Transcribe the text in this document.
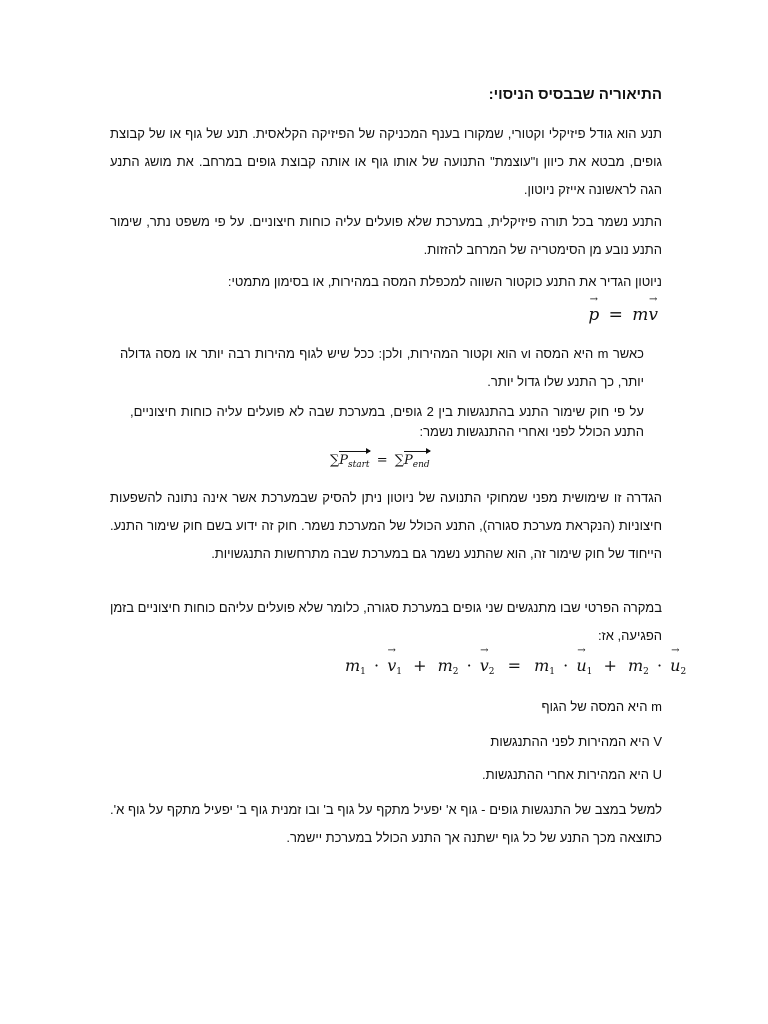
התיאוריה שבבסיס הניסוי:
תנע הוא גודל פיזיקלי וקטורי, שמקורו בענף המכניקה של הפיזיקה הקלאסית. תנע של גוף או של קבוצת גופים, מבטא את כיוון ו"עוצמת" התנועה של אותו גוף או אותה קבוצת גופים במרחב. את מושג התנע הגה לראשונה אייזק ניוטון.
התנע נשמר בכל תורה פיזיקלית, במערכת שלא פועלים עליה כוחות חיצוניים. על פי משפט נתר, שימור התנע נובע מן הסימטריה של המרחב להזזות.
ניוטון הגדיר את התנע כוקטור השווה למכפלת המסה במהירות, או בסימון מתמטי:
→ p = m→ v
כאשר m היא המסה וv הוא וקטור המהירות, ולכן: ככל שיש לגוף מהירות רבה יותר או מסה גדולה יותר, כך התנע שלו גדול יותר.
על פי חוק שימור התנע בהתנגשות בין 2 גופים, במערכת שבה לא פועלים עליה כוחות חיצוניים, התנע הכולל לפני ואחרי ההתנגשות נשמר:
$\sum P_{start} = \sum P_{end}$
הגדרה זו שימושית מפני שמחוקי התנועה של ניוטון ניתן להסיק שבמערכת אשר אינה נתונה להשפעות חיצוניות (הנקראת מערכת סגורה), התנע הכולל של המערכת נשמר. חוק זה ידוע בשם חוק שימור התנע. הייחוד של חוק שימור זה, הוא שהתנע נשמר גם במערכת שבה מתרחשות התנגשויות.
במקרה הפרטי שבו מתנגשים שני גופים במערכת סגורה, כלומר שלא פועלים עליהם כוחות חיצוניים בזמן הפגיעה, אז:
$m_1$ · → $v_1 + m_2$ · → $v_2 = m_1$ · → $u_1 + m_2$ · → $u_2$
m היא המסה של הגוף
V היא המהירות לפני ההתנגשות
U היא המהירות אחרי ההתנגשות.
למשל במצב של התנגשות גופים - גוף א' יפעיל מתקף על גוף ב' ובו זמנית גוף ב' יפעיל מתקף על גוף א'. כתוצאה מכך התנע של כל גוף ישתנה אך התנע הכולל במערכת יישמר.
